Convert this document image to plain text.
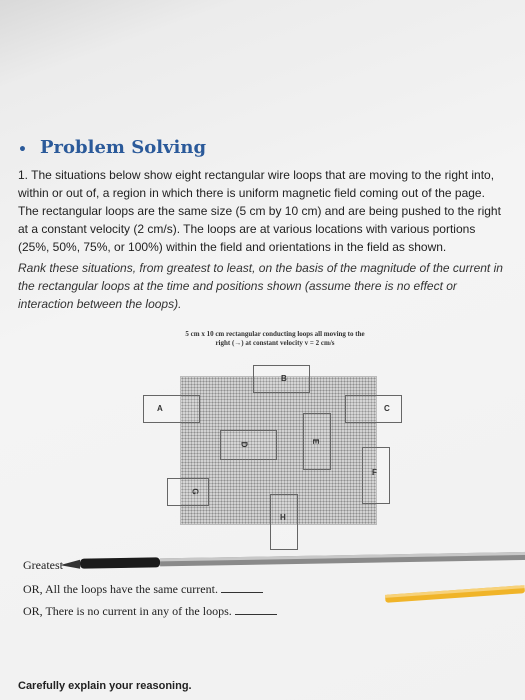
• Problem Solving
1. The situations below show eight rectangular wire loops that are moving to the right into, within or out of, a region in which there is uniform magnetic field coming out of the page. The rectangular loops are the same size (5 cm by 10 cm) and are being pushed to the right at a constant velocity (2 cm/s). The loops are at various locations with various portions (25%, 50%, 75%, or 100%) within the field and orientations in the field as shown.
Rank these situations, from greatest to least, on the basis of the magnitude of the current in the rectangular loops at the time and positions shown (assume there is no effect or interaction between the loops).
5 cm x 10 cm rectangular conducting loops all moving to the
right (→) at constant velocity v = 2 cm/s
A
B
C
D
E
F
G
H
Greatest
OR, All the loops have the same current.
OR, There is no current in any of the loops.
Carefully explain your reasoning.
